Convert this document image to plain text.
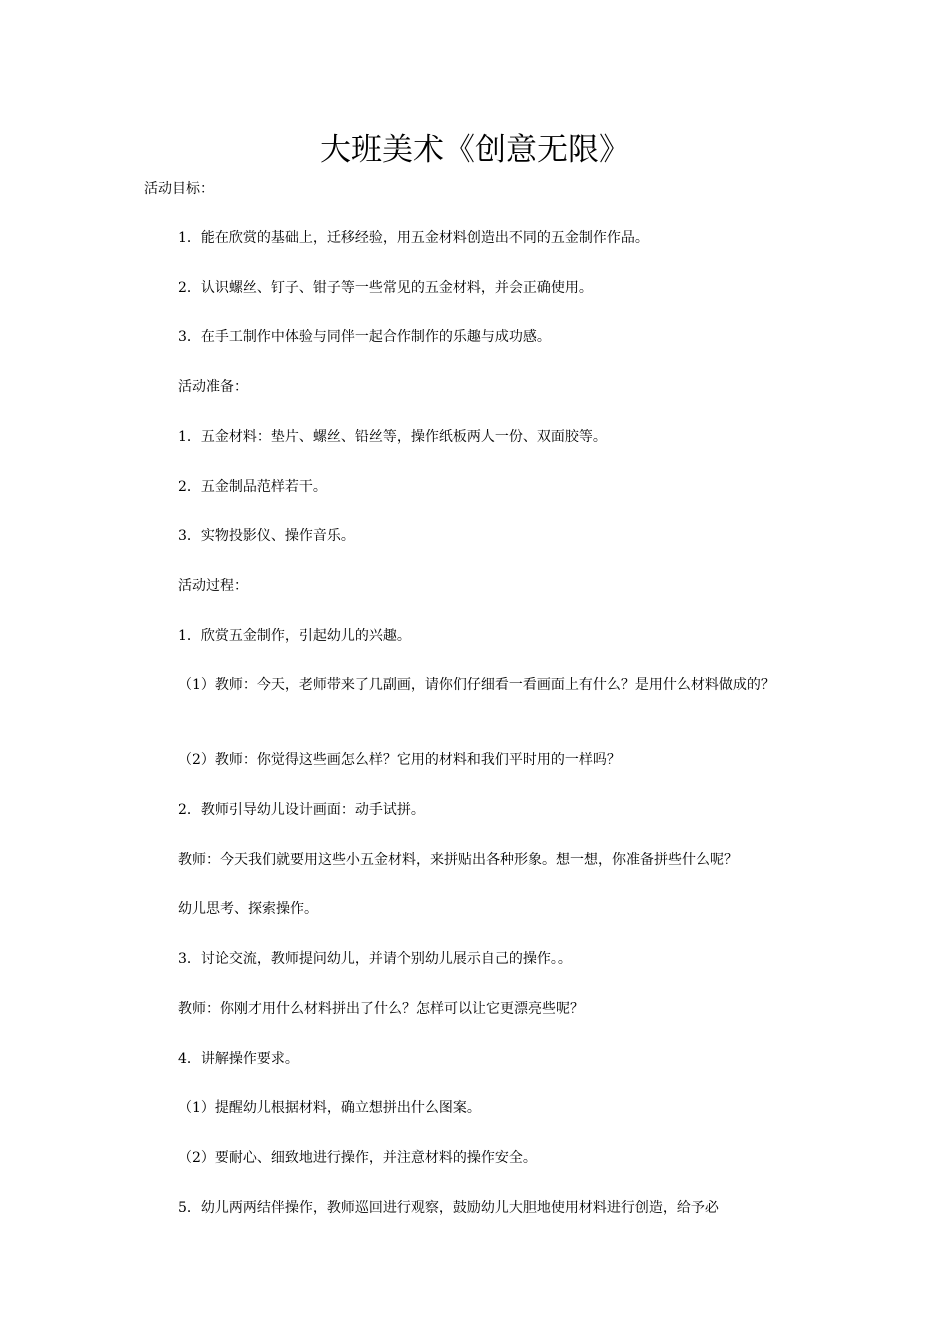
大班美术《创意无限》

活动目标：

1．能在欣赏的基础上，迁移经验，用五金材料创造出不同的五金制作作品。

2．认识螺丝、钉子、钳子等一些常见的五金材料，并会正确使用。

3．在手工制作中体验与同伴一起合作制作的乐趣与成功感。

活动准备：

1．五金材料：垫片、螺丝、铅丝等，操作纸板两人一份、双面胶等。

2．五金制品范样若干。

3．实物投影仪、操作音乐。

活动过程：

1．欣赏五金制作，引起幼儿的兴趣。

（1）教师：今天，老师带来了几副画，请你们仔细看一看画面上有什么？是用什么材料做成的？

（2）教师：你觉得这些画怎么样？它用的材料和我们平时用的一样吗？

2．教师引导幼儿设计画面：动手试拼。

教师：今天我们就要用这些小五金材料，来拼贴出各种形象。想一想，你准备拼些什么呢？

幼儿思考、探索操作。

3．讨论交流，教师提问幼儿，并请个别幼儿展示自己的操作。。

教师：你刚才用什么材料拼出了什么？怎样可以让它更漂亮些呢？

4．讲解操作要求。

（1）提醒幼儿根据材料，确立想拼出什么图案。

（2）要耐心、细致地进行操作，并注意材料的操作安全。

5．幼儿两两结伴操作，教师巡回进行观察，鼓励幼儿大胆地使用材料进行创造，给予必
